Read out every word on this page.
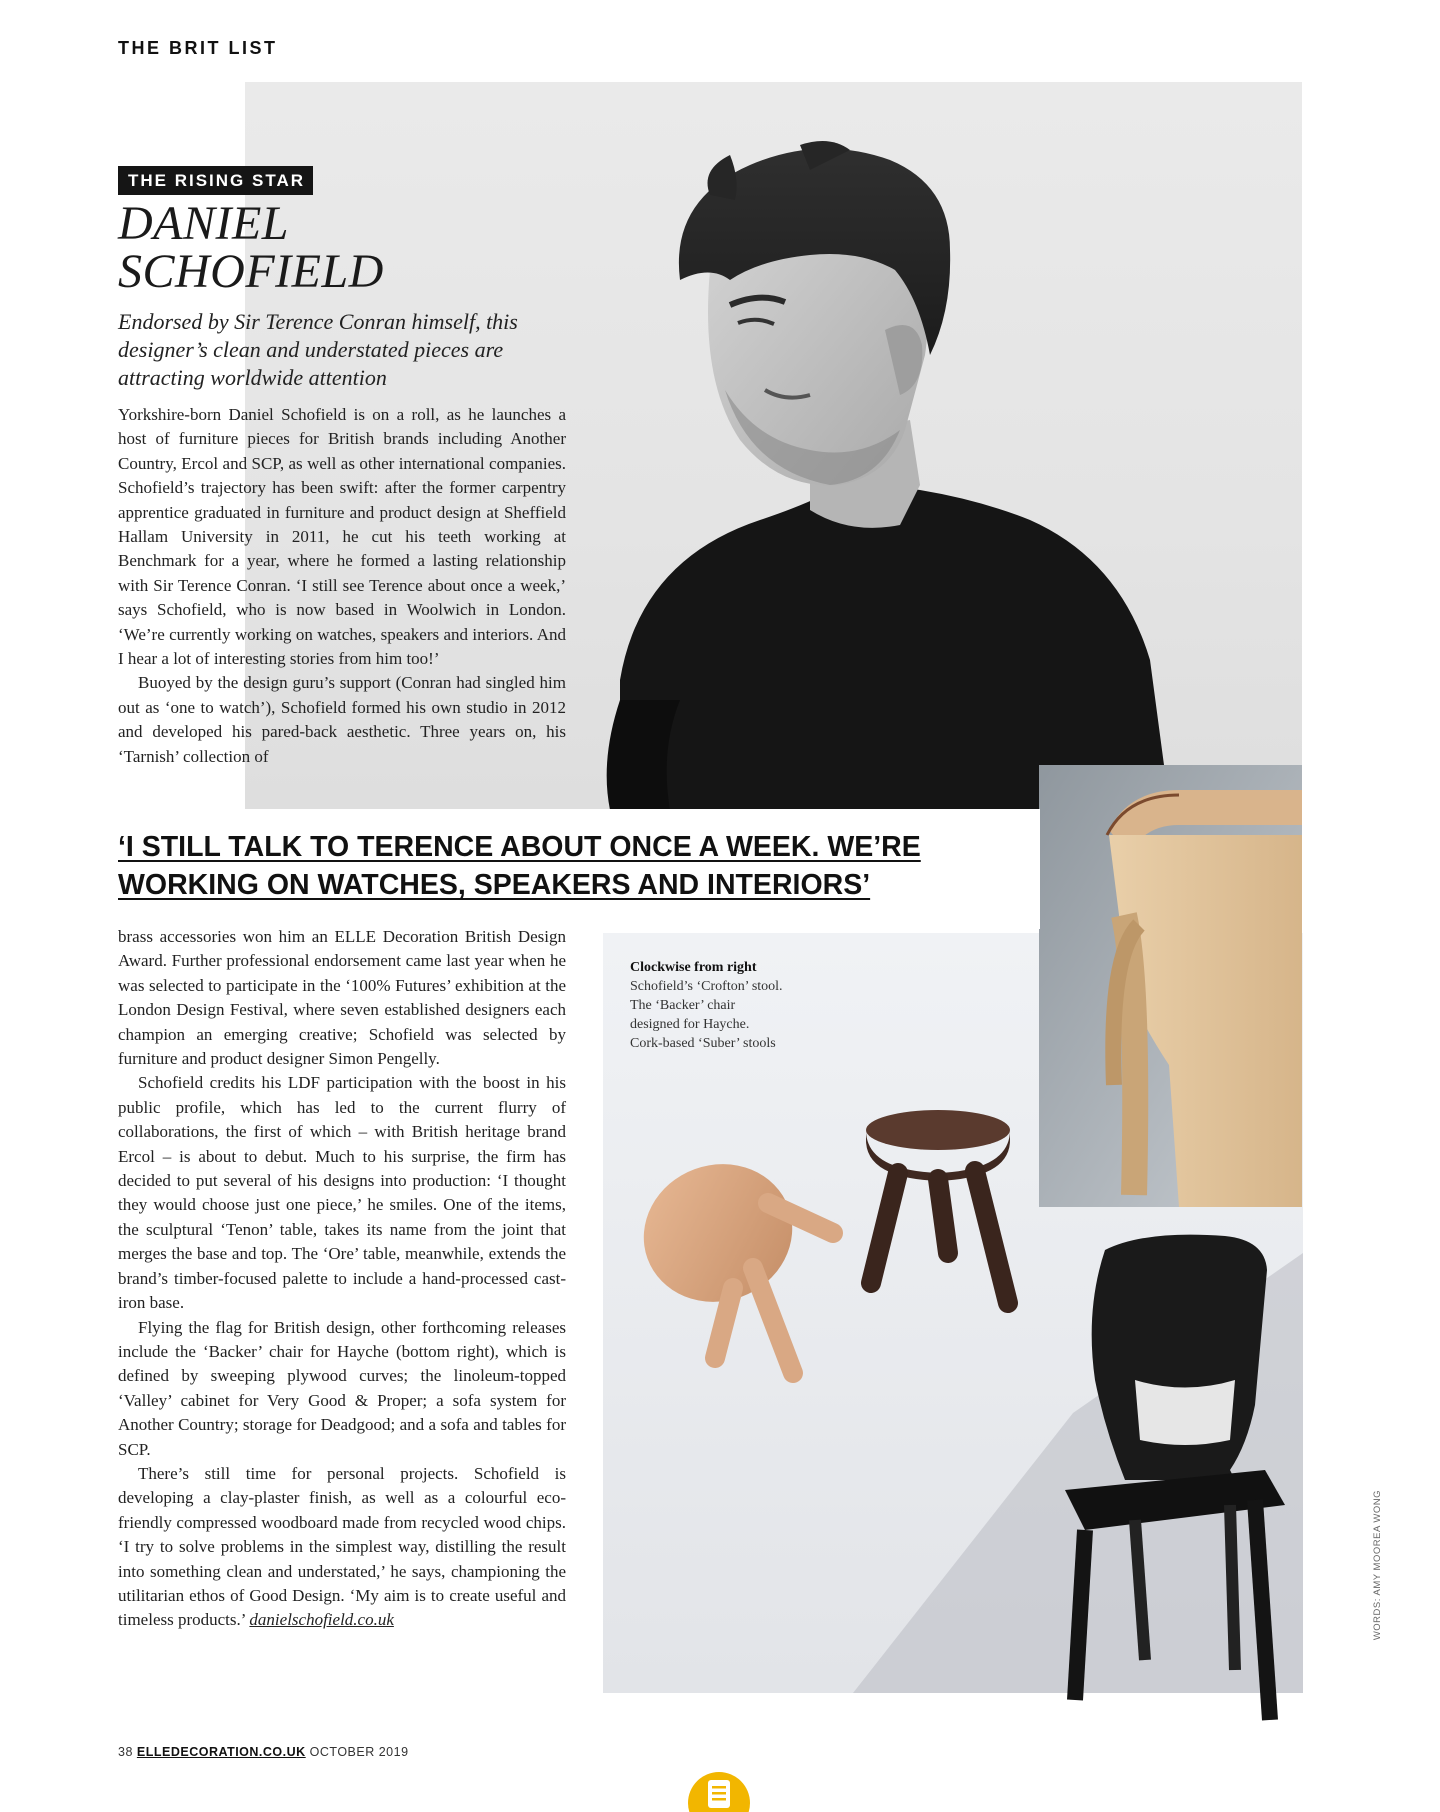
THE BRIT LIST
THE RISING STAR
DANIEL
SCHOFIELD
Endorsed by Sir Terence Conran himself, this designer’s clean and understated pieces are attracting worldwide attention

Yorkshire-born Daniel Schofield is on a roll, as he launches a host of furniture pieces for British brands including Another Country, Ercol and SCP, as well as other international companies. Schofield’s trajectory has been swift: after the former carpentry apprentice graduated in furniture and product design at Sheffield Hallam University in 2011, he cut his teeth working at Benchmark for a year, where he formed a lasting relationship with Sir Terence Conran. ‘I still see Terence about once a week,’ says Schofield, who is now based in Woolwich in London. ‘We’re currently working on watches, speakers and interiors. And I hear a lot of interesting stories from him too!’

Buoyed by the design guru’s support (Conran had singled him out as ‘one to watch’), Schofield formed his own studio in 2012 and developed his pared-back aesthetic. Three years on, his ‘Tarnish’ collection of

Clockwise from right
Schofield’s ‘Crofton’ stool.
The ‘Backer’ chair
designed for Hayche.
Cork-based ‘Suber’ stools
‘I STILL TALK TO TERENCE ABOUT ONCE A WEEK. WE’RE WORKING ON WATCHES, SPEAKERS AND INTERIORS’

brass accessories won him an ELLE Decoration British Design Award. Further professional endorsement came last year when he was selected to participate in the ‘100% Futures’ exhibition at the London Design Festival, where seven established designers each champion an emerging creative; Schofield was selected by furniture and product designer Simon Pengelly.

Schofield credits his LDF participation with the boost in his public profile, which has led to the current flurry of collaborations, the first of which – with British heritage brand Ercol – is about to debut. Much to his surprise, the firm has decided to put several of his designs into production: ‘I thought they would choose just one piece,’ he smiles. One of the items, the sculptural ‘Tenon’ table, takes its name from the joint that merges the base and top. The ‘Ore’ table, meanwhile, extends the brand’s timber-focused palette to include a hand-processed cast-iron base.

Flying the flag for British design, other forthcoming releases include the ‘Backer’ chair for Hayche (bottom right), which is defined by sweeping plywood curves; the linoleum-topped ‘Valley’ cabinet for Very Good & Proper; a sofa system for Another Country; storage for Deadgood; and a sofa and tables for SCP.

There’s still time for personal projects. Schofield is developing a clay-plaster finish, as well as a colourful eco-friendly compressed woodboard made from recycled wood chips. ‘I try to solve problems in the simplest way, distilling the result into something clean and understated,’ he says, championing the utilitarian ethos of Good Design. ‘My aim is to create useful and timeless products.’ danielschofield.co.uk	WORDS: AMY MOOREA WONG
38 ELLEDECORATION.CO.UK OCTOBER 2019
